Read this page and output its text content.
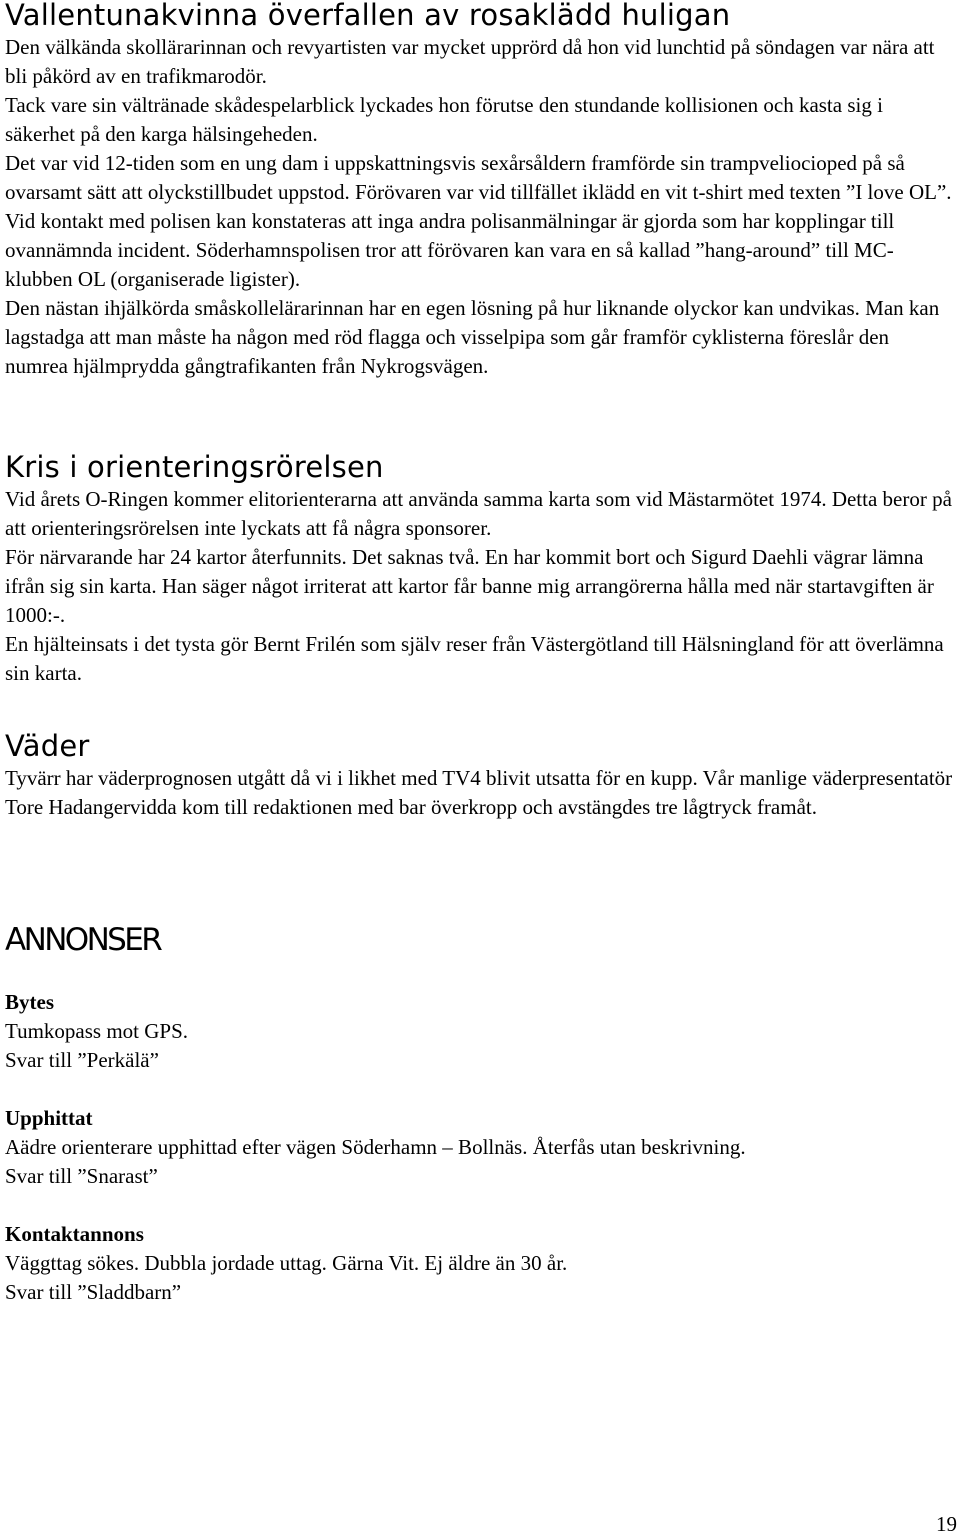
Vallentunakvinna överfallen av rosaklädd huligan
Den välkända skollärarinnan och revyartisten var mycket upprörd då hon vid lunchtid på söndagen var nära att bli påkörd av en trafikmarodör.
Tack vare sin vältränade skådespelarblick lyckades hon förutse den stundande kollisionen och kasta sig i säkerhet på den karga hälsingeheden.
Det var vid 12-tiden som en ung dam i uppskattningsvis sexårsåldern framförde sin trampveliocioped på så ovarsamt sätt att olyckstillbudet uppstod. Förövaren var vid tillfället iklädd en vit t-shirt med texten ”I love OL”.
Vid kontakt med polisen kan konstateras att inga andra polisanmälningar är gjorda som har kopplingar till ovannämnda incident. Söderhamnspolisen tror att förövaren kan vara en så kallad ”hang-around” till MC-klubben OL (organiserade ligister).
Den nästan ihjälkörda småskollelärarinnan har en egen lösning på hur liknande olyckor kan undvikas. Man kan lagstadga att man måste ha någon med röd flagga och visselpipa som går framför cyklisterna föreslår den numrea hjälmprydda gångtrafikanten från Nykrogsvägen.
Kris i orienteringsrörelsen
Vid årets O-Ringen kommer elitorienterarna att använda samma karta som vid Mästarmötet 1974. Detta beror på att orienteringsrörelsen inte lyckats att få några sponsorer.
För närvarande har 24 kartor återfunnits. Det saknas två. En har kommit bort och Sigurd Daehli vägrar lämna ifrån sig sin karta. Han säger något irriterat att kartor får banne mig arrangörerna hålla med när startavgiften är 1000:-.
En hjälteinsats i det tysta gör Bernt Frilén som själv reser från Västergötland till Hälsningland för att överlämna sin karta.
Väder
Tyvärr har väderprognosen utgått då vi i likhet med TV4 blivit utsatta för en kupp. Vår manlige väderpresentatör Tore Hadangervidda kom till redaktionen med bar överkropp och avstängdes tre lågtryck framåt.
ANNONSER
Bytes
Tumkopass mot GPS.
Svar till ”Perkälä”
Upphittat
Aädre orienterare upphittad efter vägen Söderhamn – Bollnäs. Återfås utan beskrivning.
Svar till ”Snarast”
Kontaktannons
Väggttag sökes. Dubbla jordade uttag. Gärna Vit. Ej äldre än 30 år.
Svar till ”Sladdbarn”
19
